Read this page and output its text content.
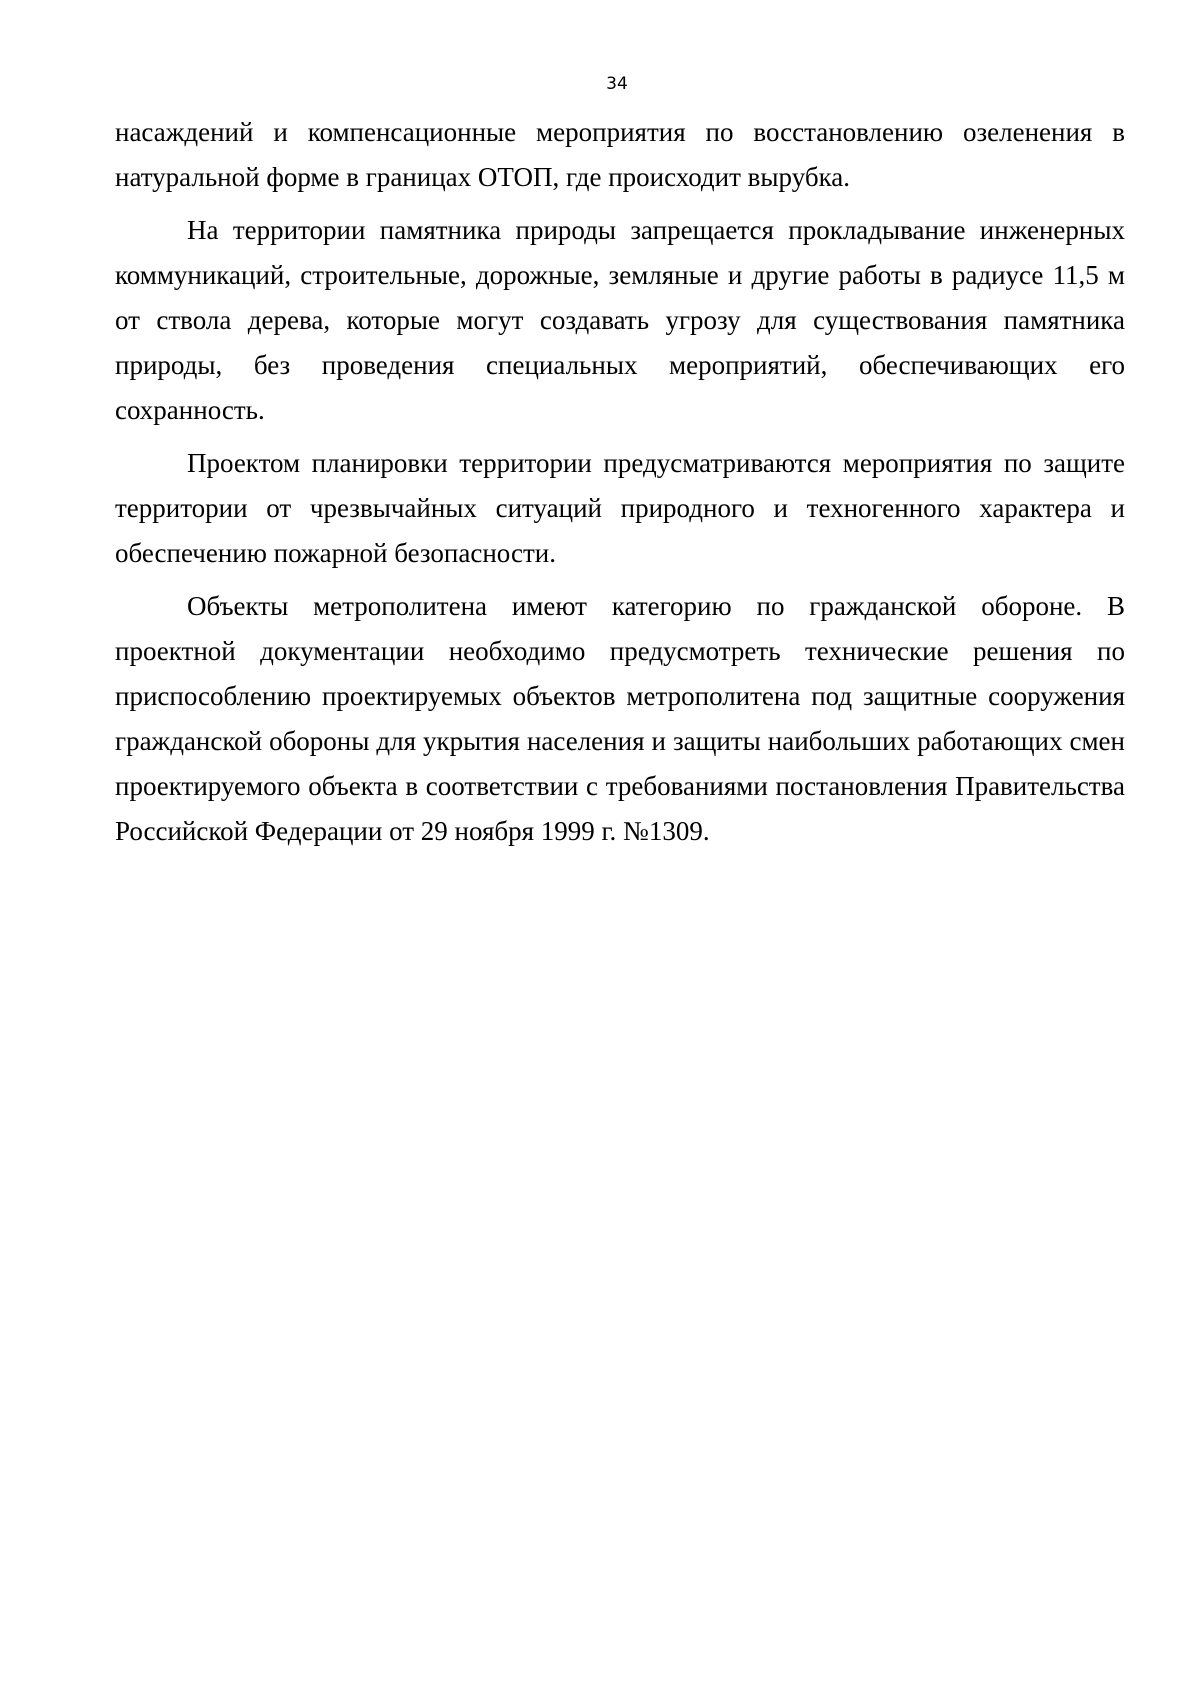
34

насаждений и компенсационные мероприятия по восстановлению озеленения в натуральной форме в границах ОТОП, где происходит вырубка.

На территории памятника природы запрещается прокладывание инженерных коммуникаций, строительные, дорожные, земляные и другие работы в радиусе 11,5 м от ствола дерева, которые могут создавать угрозу для существования памятника природы, без проведения специальных мероприятий, обеспечивающих его сохранность.

Проектом планировки территории предусматриваются мероприятия по защите территории от чрезвычайных ситуаций природного и техногенного характера и обеспечению пожарной безопасности.

Объекты метрополитена имеют категорию по гражданской обороне. В проектной документации необходимо предусмотреть технические решения по приспособлению проектируемых объектов метрополитена под защитные сооружения гражданской обороны для укрытия населения и защиты наибольших работающих смен проектируемого объекта в соответствии с требованиями постановления Правительства Российской Федерации от 29 ноября 1999 г. №1309.
